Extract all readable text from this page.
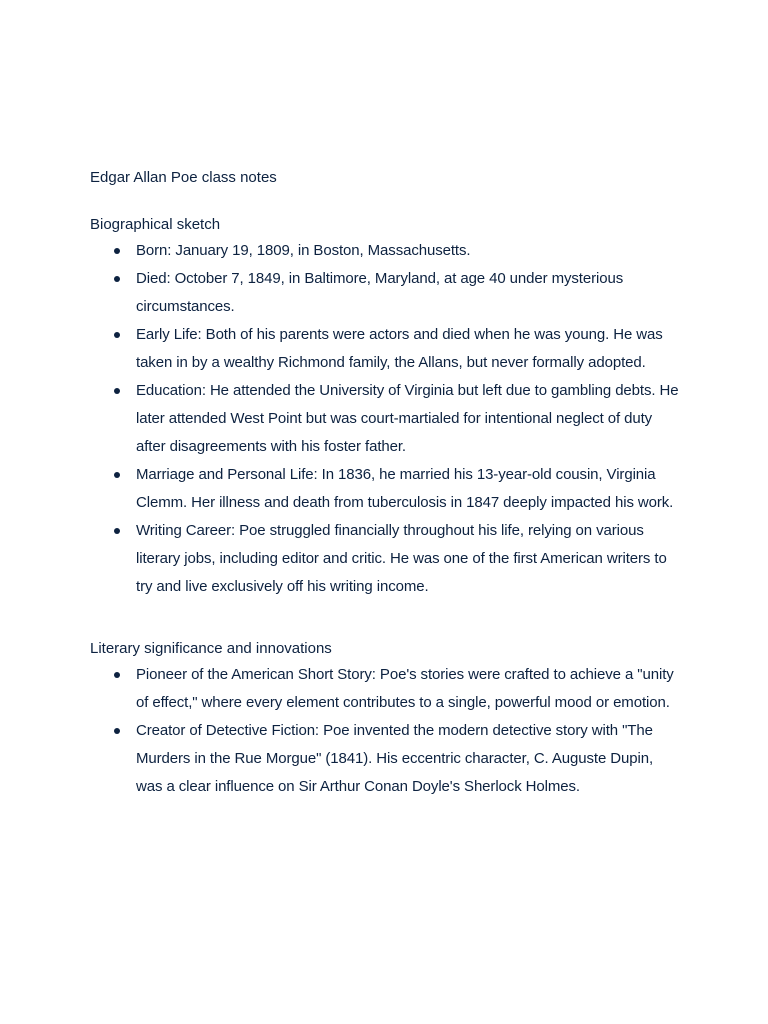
Edgar Allan Poe class notes
Biographical sketch
Born: January 19, 1809, in Boston, Massachusetts.
Died: October 7, 1849, in Baltimore, Maryland, at age 40 under mysterious circumstances.
Early Life: Both of his parents were actors and died when he was young. He was taken in by a wealthy Richmond family, the Allans, but never formally adopted.
Education: He attended the University of Virginia but left due to gambling debts. He later attended West Point but was court-martialed for intentional neglect of duty after disagreements with his foster father.
Marriage and Personal Life: In 1836, he married his 13-year-old cousin, Virginia Clemm. Her illness and death from tuberculosis in 1847 deeply impacted his work.
Writing Career: Poe struggled financially throughout his life, relying on various literary jobs, including editor and critic. He was one of the first American writers to try and live exclusively off his writing income.
Literary significance and innovations
Pioneer of the American Short Story: Poe's stories were crafted to achieve a "unity of effect," where every element contributes to a single, powerful mood or emotion.
Creator of Detective Fiction: Poe invented the modern detective story with "The Murders in the Rue Morgue" (1841). His eccentric character, C. Auguste Dupin, was a clear influence on Sir Arthur Conan Doyle's Sherlock Holmes.
